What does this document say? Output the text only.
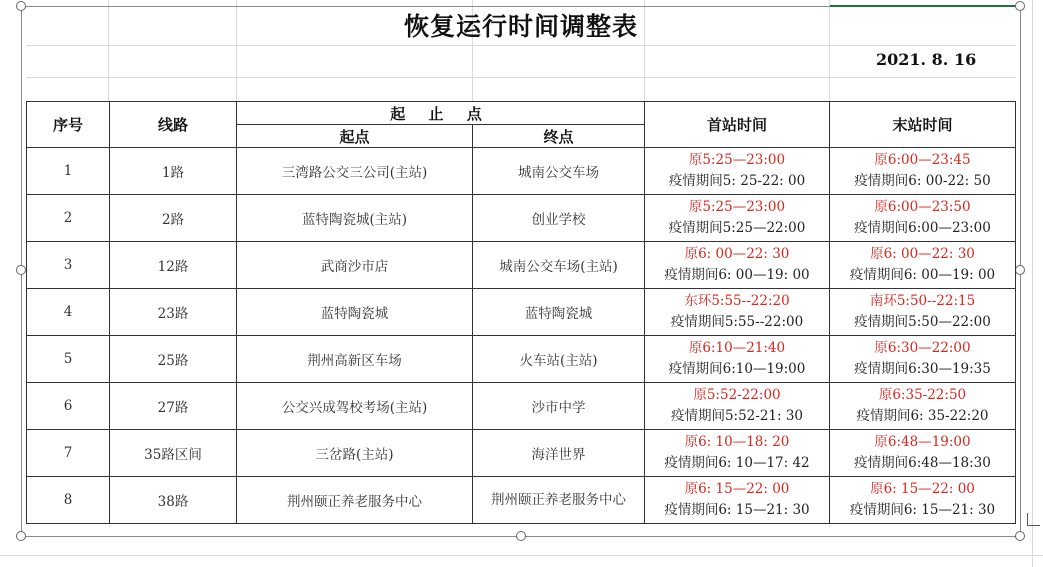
恢复运行时间调整表
2021. 8. 16
序号	线路	起 止 点		首站时间	末站时间
		起点	终点		
1	1路	三湾路公交三公司(主站)	城南公交车场	原5:25—23:00
疫情期间5: 25-22: 00	原6:00—23:45
疫情期间6: 00-22: 50

2	2路	蓝特陶瓷城(主站)	创业学校	原5:25—23:00
疫情期间5:25—22:00	原6:00—23:50
疫情期间6:00—23:00

3	12路	武商沙市店	城南公交车场(主站)	原6: 00—22: 30
疫情期间6: 00—19: 00	原6: 00—22: 30
疫情期间6: 00—19: 00

4	23路	蓝特陶瓷城	蓝特陶瓷城	东环5:55--22:20
疫情期间5:55--22:00	南环5:50--22:15
疫情期间5:50—22:00

5	25路	荆州高新区车场	火车站(主站)	原6:10—21:40
疫情期间6:10—19:00	原6:30—22:00
疫情期间6:30—19:35

6	27路	公交兴成驾校考场(主站)	沙市中学	原5:52-22:00
疫情期间5:52-21: 30	原6:35-22:50
疫情期间6: 35-22:20

7	35路区间	三岔路(主站)	海洋世界	原6: 10—18: 20
疫情期间6: 10—17: 42	原6:48—19:00
疫情期间6:48—18:30

8	38路	荆州颐正养老服务中心	荆州颐正养老服务中心	原6: 15—22: 00
疫情期间6: 15—21: 30	原6: 15—22: 00
疫情期间6: 15—21: 30
